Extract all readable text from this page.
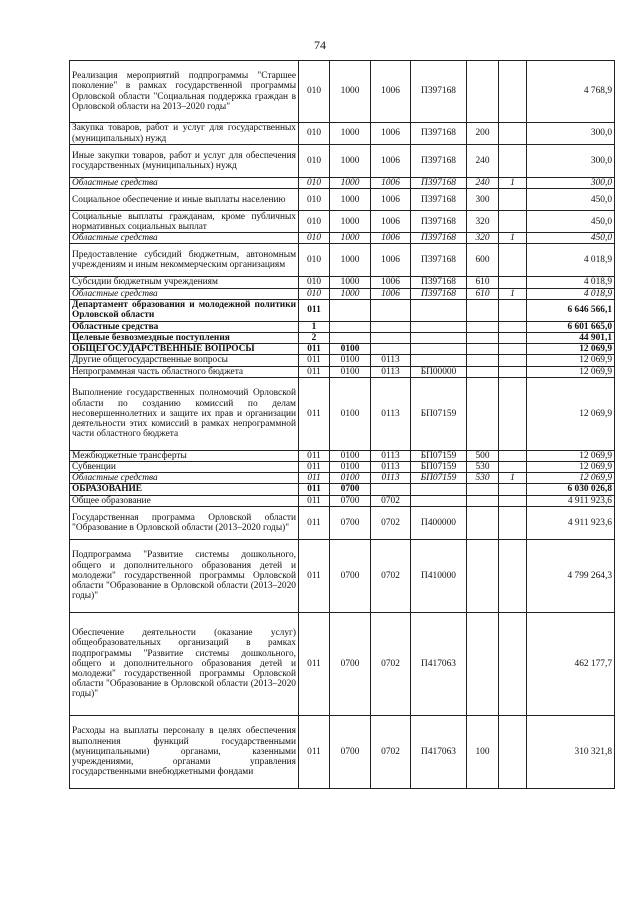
74
Реализация мероприятий подпрограммы "Старшее поколение" в рамках государственной программы Орловской области "Социальная поддержка граждан в Орловской области на 2013–2020 годы"	010	1000	1006	П397168			4 768,9
Закупка товаров, работ и услуг для государственных (муниципальных) нужд	010	1000	1006	П397168	200		300,0
Иные закупки товаров, работ и услуг для обеспечения государственных (муниципальных) нужд	010	1000	1006	П397168	240		300,0
Областные средства	010	1000	1006	П397168	240	1	300,0
Социальное обеспечение и иные выплаты населению	010	1000	1006	П397168	300		450,0
Социальные выплаты гражданам, кроме публичных нормативных социальных выплат	010	1000	1006	П397168	320		450,0
Областные средства	010	1000	1006	П397168	320	1	450,0
Предоставление субсидий бюджетным, автономным учреждениям и иным некоммерческим организациям	010	1000	1006	П397168	600		4 018,9
Субсидии бюджетным учреждениям	010	1000	1006	П397168	610		4 018,9
Областные средства	010	1000	1006	П397168	610	1	4 018,9
Департамент образования и молодежной политики Орловской области	011						6 646 566,1
Областные средства	1						6 601 665,0
Целевые безвозмездные поступления	2						44 901,1
ОБЩЕГОСУДАРСТВЕННЫЕ ВОПРОСЫ	011	0100					12 069,9
Другие общегосударственные вопросы	011	0100	0113				12 069,9
Непрограммная часть областного бюджета	011	0100	0113	БП00000			12 069,9
Выполнение государственных полномочий Орловской области по созданию комиссий по делам несовершеннолетних и защите их прав и организации деятельности этих комиссий в рамках непрограммной части областного бюджета	011	0100	0113	БП07159			12 069,9
Межбюджетные трансферты	011	0100	0113	БП07159	500		12 069,9
Субвенции	011	0100	0113	БП07159	530		12 069,9
Областные средства	011	0100	0113	БП07159	530	1	12 069,9
ОБРАЗОВАНИЕ	011	0700					6 030 026,8
Общее образование	011	0700	0702				4 911 923,6
Государственная программа Орловской области "Образование в Орловской области (2013–2020 годы)"	011	0700	0702	П400000			4 911 923,6
Подпрограмма "Развитие системы дошкольного, общего и дополнительного образования детей и молодежи" государственной программы Орловской области "Образование в Орловской области (2013–2020 годы)"	011	0700	0702	П410000			4 799 264,3
Обеспечение деятельности (оказание услуг) общеобразовательных организаций в рамках подпрограммы "Развитие системы дошкольного, общего и дополнительного образования детей и молодежи" государственной программы Орловской области "Образование в Орловской области (2013–2020 годы)"	011	0700	0702	П417063			462 177,7
Расходы на выплаты персоналу в целях обеспечения выполнения функций государственными (муниципальными) органами, казенными учреждениями, органами управления государственными внебюджетными фондами	011	0700	0702	П417063	100		310 321,8
